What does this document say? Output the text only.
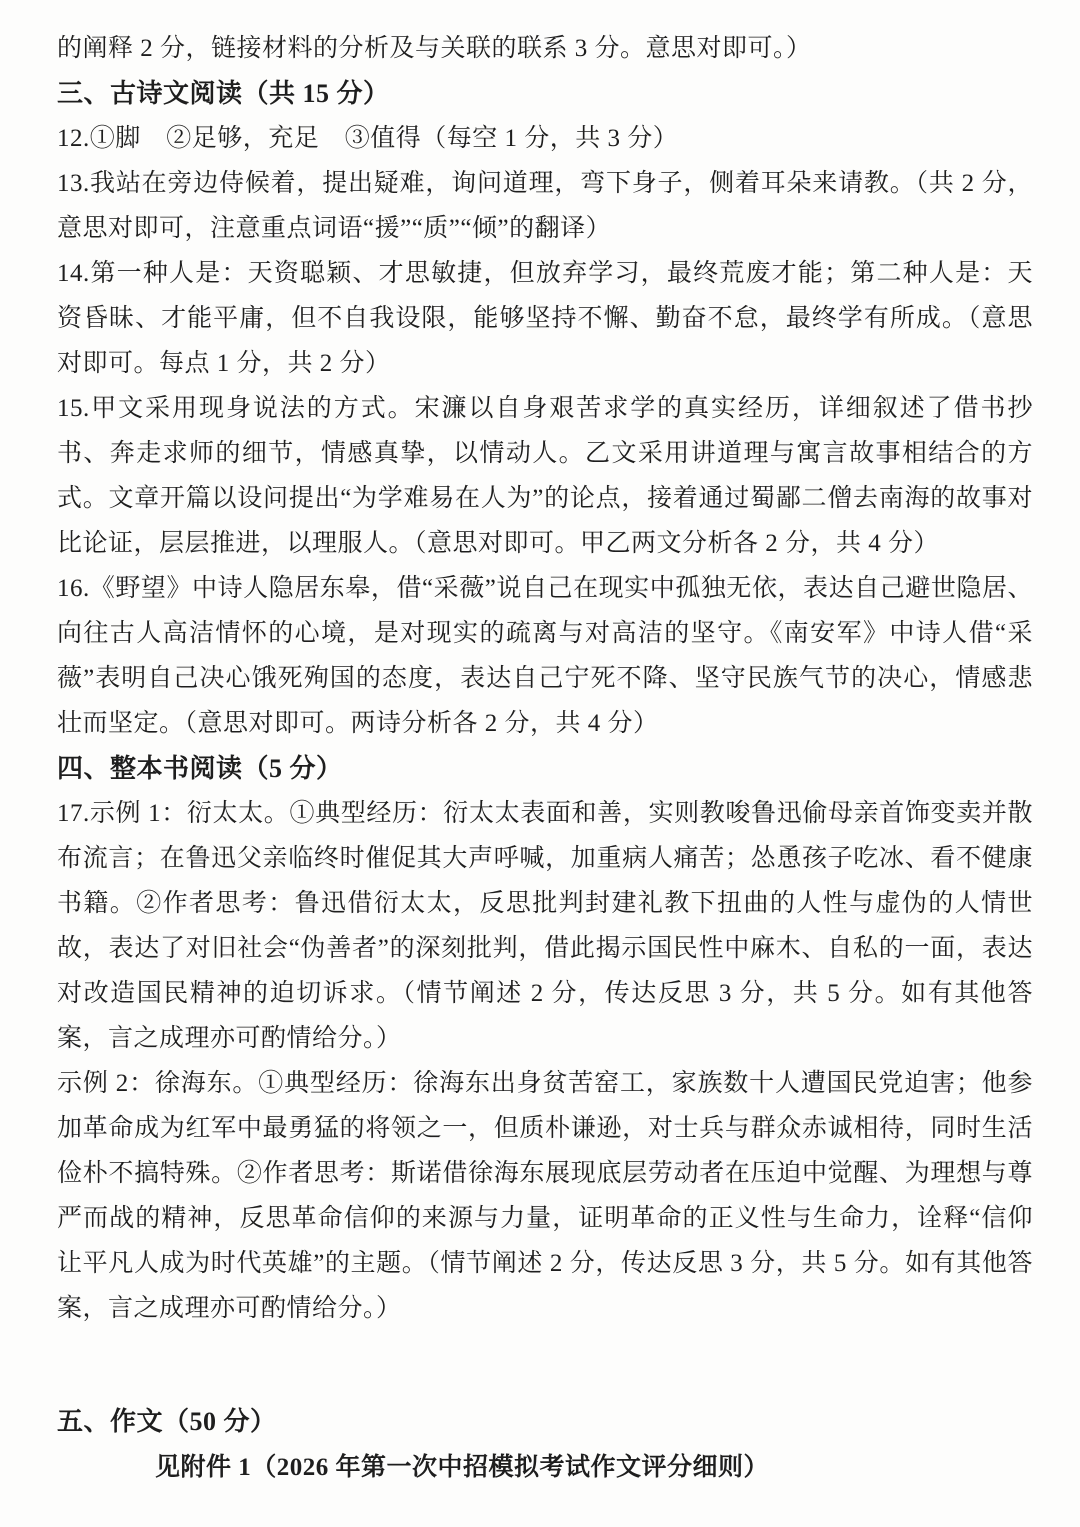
的阐释 2 分，链接材料的分析及与关联的联系 3 分。意思对即可。）

三、古诗文阅读（共 15 分）

12.①脚　②足够，充足　③值得（每空 1 分，共 3 分）

13.我站在旁边侍候着，提出疑难，询问道理，弯下身子，侧着耳朵来请教。（共 2 分，意思对即可，注意重点词语“援”“质”“倾”的翻译）

14.第一种人是：天资聪颖、才思敏捷，但放弃学习，最终荒废才能；第二种人是：天资昏昧、才能平庸，但不自我设限，能够坚持不懈、勤奋不怠，最终学有所成。（意思对即可。每点 1 分，共 2 分）

15.甲文采用现身说法的方式。宋濂以自身艰苦求学的真实经历，详细叙述了借书抄书、奔走求师的细节，情感真挚，以情动人。乙文采用讲道理与寓言故事相结合的方式。文章开篇以设问提出“为学难易在人为”的论点，接着通过蜀鄙二僧去南海的故事对比论证，层层推进，以理服人。（意思对即可。甲乙两文分析各 2 分，共 4 分）

16.《野望》中诗人隐居东皋，借“采薇”说自己在现实中孤独无依，表达自己避世隐居、向往古人高洁情怀的心境，是对现实的疏离与对高洁的坚守。《南安军》中诗人借“采薇”表明自己决心饿死殉国的态度，表达自己宁死不降、坚守民族气节的决心，情感悲壮而坚定。（意思对即可。两诗分析各 2 分，共 4 分）

四、整本书阅读（5 分）

17.示例 1：衍太太。①典型经历：衍太太表面和善，实则教唆鲁迅偷母亲首饰变卖并散布流言；在鲁迅父亲临终时催促其大声呼喊，加重病人痛苦；怂恿孩子吃冰、看不健康书籍。②作者思考：鲁迅借衍太太，反思批判封建礼教下扭曲的人性与虚伪的人情世故，表达了对旧社会“伪善者”的深刻批判，借此揭示国民性中麻木、自私的一面，表达对改造国民精神的迫切诉求。（情节阐述 2 分，传达反思 3 分，共 5 分。如有其他答案，言之成理亦可酌情给分。）

示例 2：徐海东。①典型经历：徐海东出身贫苦窑工，家族数十人遭国民党迫害；他参加革命成为红军中最勇猛的将领之一，但质朴谦逊，对士兵与群众赤诚相待，同时生活俭朴不搞特殊。②作者思考：斯诺借徐海东展现底层劳动者在压迫中觉醒、为理想与尊严而战的精神，反思革命信仰的来源与力量，证明革命的正义性与生命力，诠释“信仰让平凡人成为时代英雄”的主题。（情节阐述 2 分，传达反思 3 分，共 5 分。如有其他答案，言之成理亦可酌情给分。）

五、作文（50 分）

见附件 1（2026 年第一次中招模拟考试作文评分细则）
